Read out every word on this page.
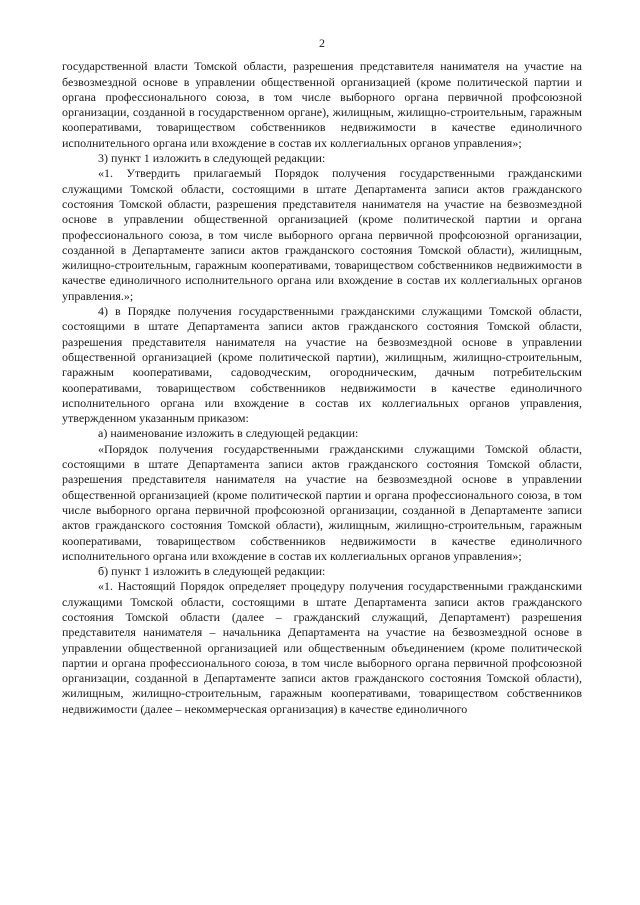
2

государственной власти Томской области, разрешения представителя нанимателя на участие на безвозмездной основе в управлении общественной организацией (кроме политической партии и органа профессионального союза, в том числе выборного органа первичной профсоюзной организации, созданной в государственном органе), жилищным, жилищно-строительным, гаражным кооперативами, товариществом собственников недвижимости в качестве единоличного исполнительного органа или вхождение в состав их коллегиальных органов управления»;

3) пункт 1 изложить в следующей редакции:

«1. Утвердить прилагаемый Порядок получения государственными гражданскими служащими Томской области, состоящими в штате Департамента записи актов гражданского состояния Томской области, разрешения представителя нанимателя на участие на безвозмездной основе в управлении общественной организацией (кроме политической партии и органа профессионального союза, в том числе выборного органа первичной профсоюзной организации, созданной в Департаменте записи актов гражданского состояния Томской области), жилищным, жилищно-строительным, гаражным кооперативами, товариществом собственников недвижимости в качестве единоличного исполнительного органа или вхождение в состав их коллегиальных органов управления.»;

4) в Порядке получения государственными гражданскими служащими Томской области, состоящими в штате Департамента записи актов гражданского состояния Томской области, разрешения представителя нанимателя на участие на безвозмездной основе в управлении общественной организацией (кроме политической партии), жилищным, жилищно-строительным, гаражным кооперативами, садоводческим, огородническим, дачным потребительским кооперативами, товариществом собственников недвижимости в качестве единоличного исполнительного органа или вхождение в состав их коллегиальных органов управления, утвержденном указанным приказом:

а) наименование изложить в следующей редакции:

«Порядок получения государственными гражданскими служащими Томской области, состоящими в штате Департамента записи актов гражданского состояния Томской области, разрешения представителя нанимателя на участие на безвозмездной основе в управлении общественной организацией (кроме политической партии и органа профессионального союза, в том числе выборного органа первичной профсоюзной организации, созданной в Департаменте записи актов гражданского состояния Томской области), жилищным, жилищно-строительным, гаражным кооперативами, товариществом собственников недвижимости в качестве единоличного исполнительного органа или вхождение в состав их коллегиальных органов управления»;

б) пункт 1 изложить в следующей редакции:

«1. Настоящий Порядок определяет процедуру получения государственными гражданскими служащими Томской области, состоящими в штате Департамента записи актов гражданского состояния Томской области (далее – гражданский служащий, Департамент) разрешения представителя нанимателя – начальника Департамента на участие на безвозмездной основе в управлении общественной организацией или общественным объединением (кроме политической партии и органа профессионального союза, в том числе выборного органа первичной профсоюзной организации, созданной в Департаменте записи актов гражданского состояния Томской области), жилищным, жилищно-строительным, гаражным кооперативами, товариществом собственников недвижимости (далее – некоммерческая организация) в качестве единоличного
